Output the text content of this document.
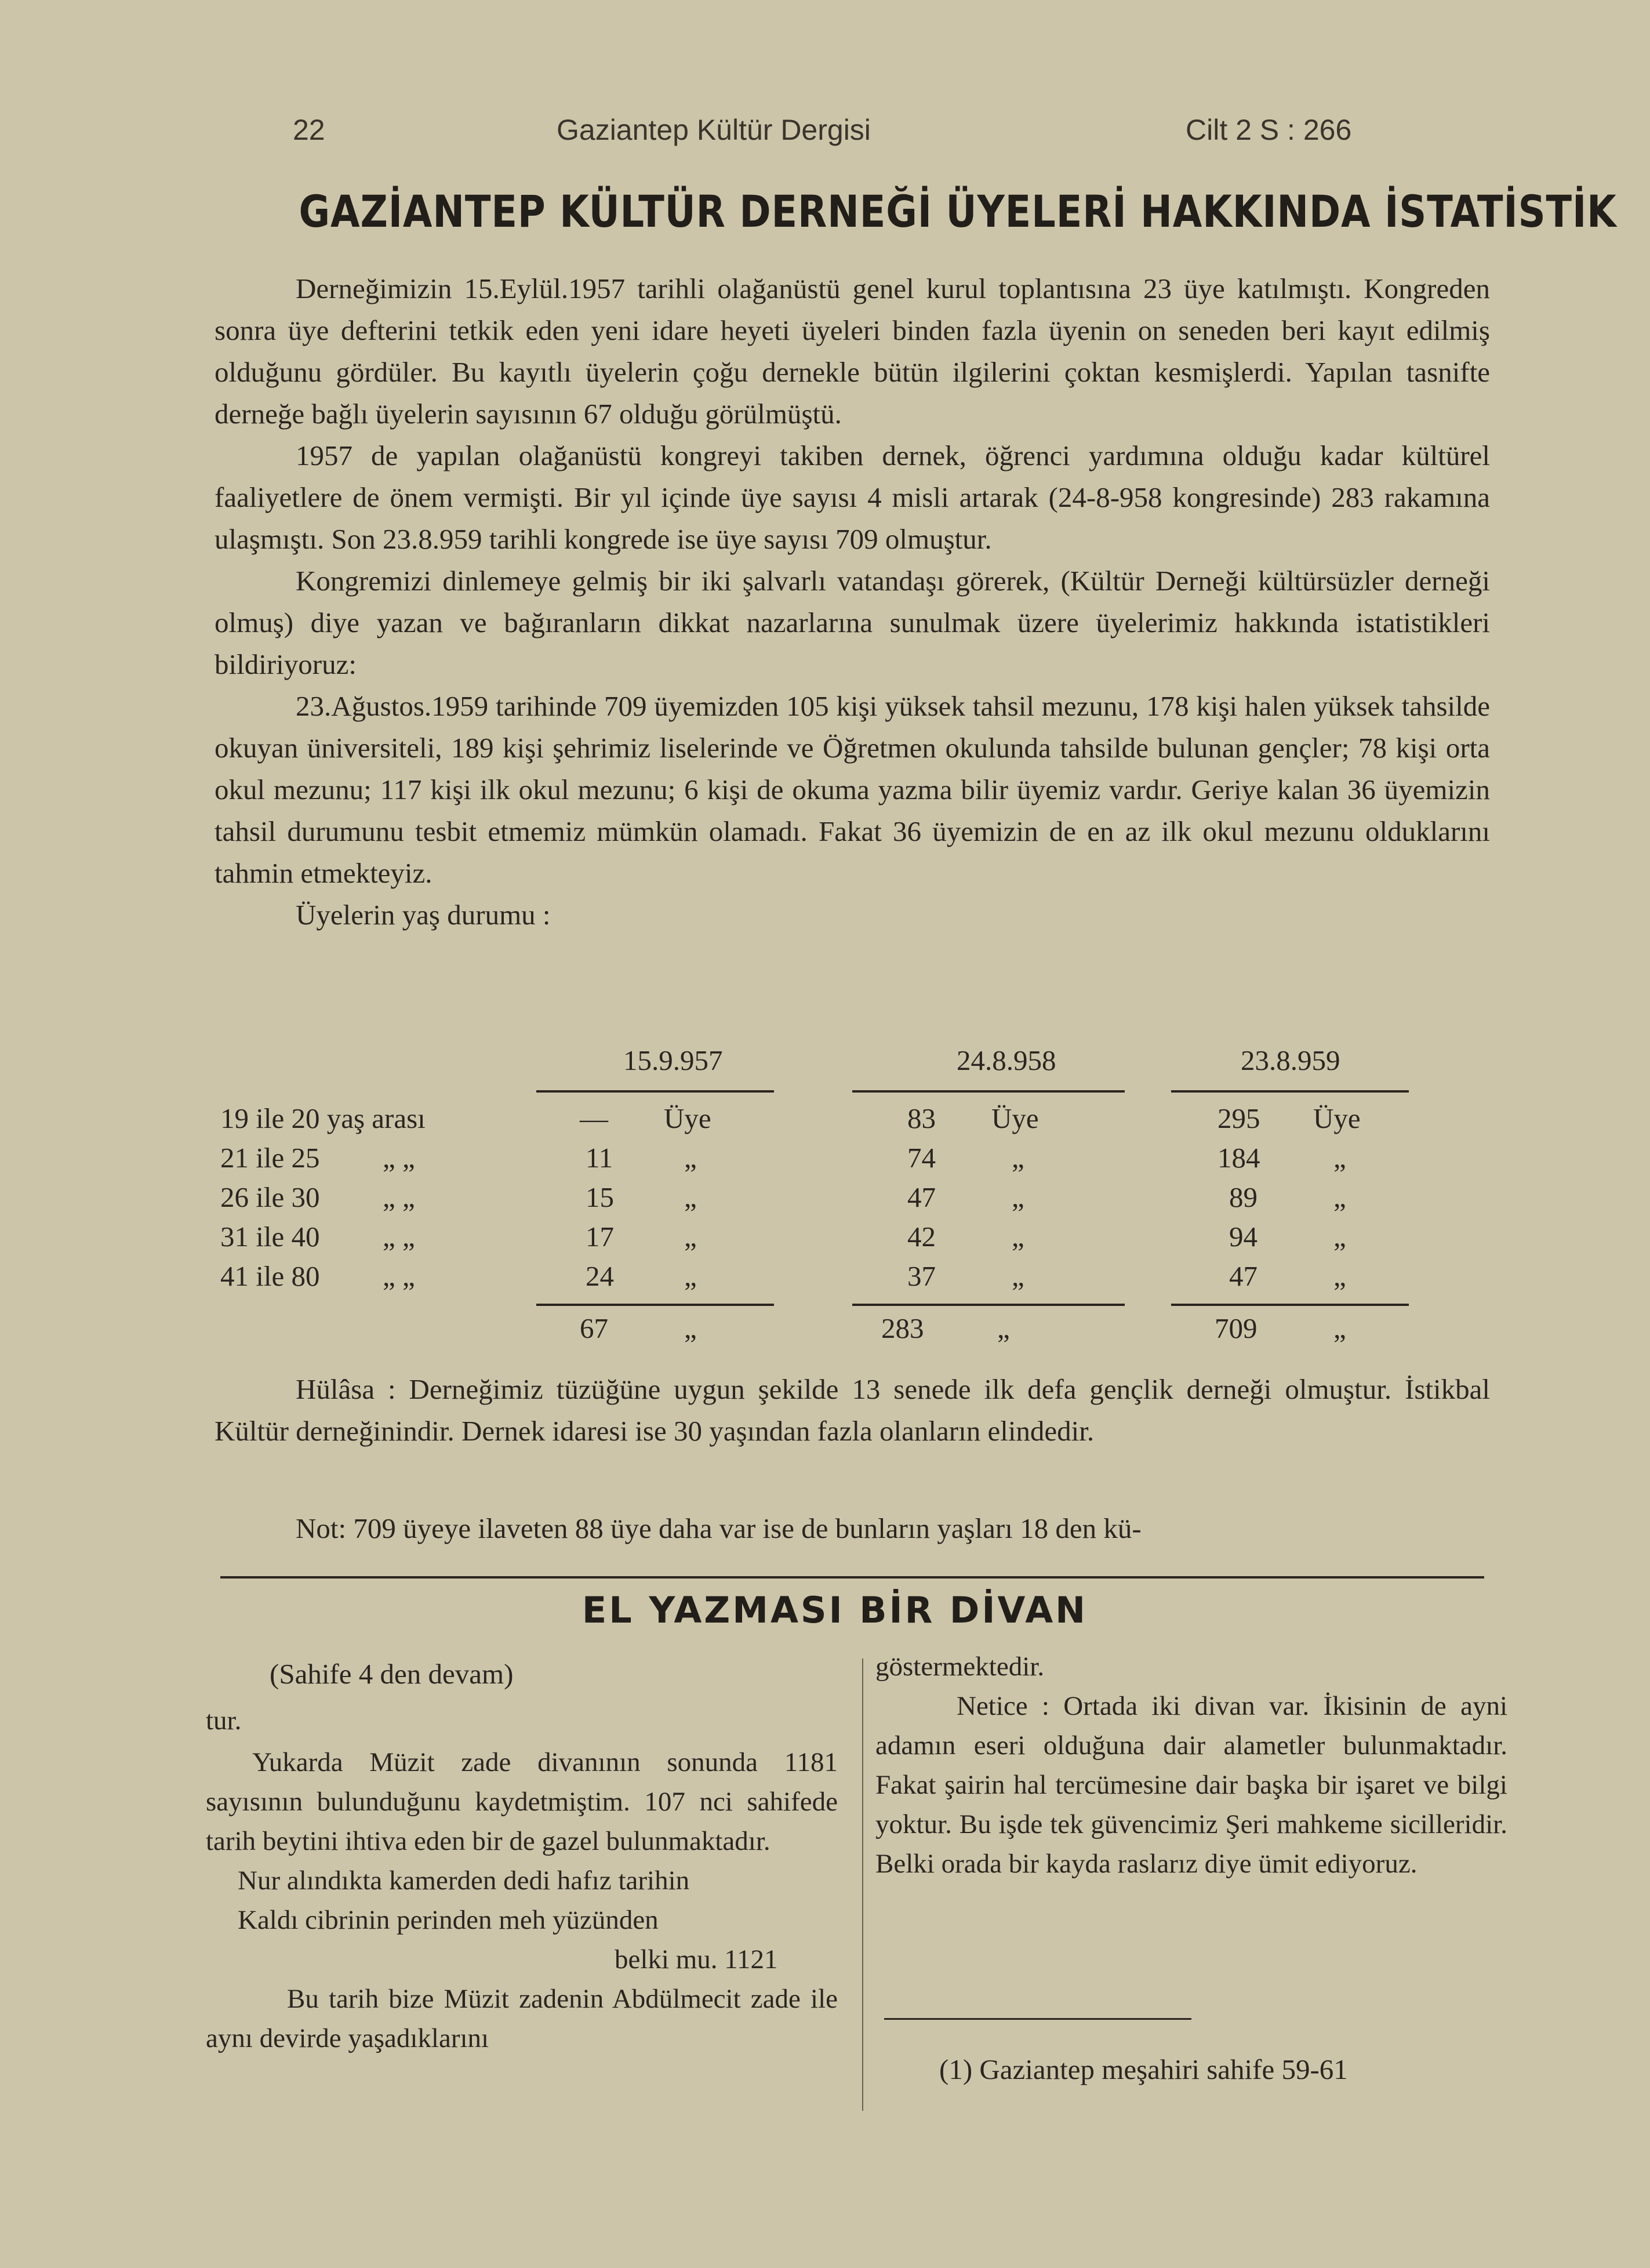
22	Gaziantep Kültür Dergisi	Cilt 2 S : 266
GAZİANTEP KÜLTÜR DERNEĞİ ÜYELERİ HAKKINDA İSTATİSTİK

Derneğimizin 15.Eylül.1957 tarihli olağanüstü genel kurul toplantısına 23 üye katılmıştı. Kongreden sonra üye defterini tetkik eden yeni idare heyeti üyeleri binden fazla üyenin on seneden beri kayıt edilmiş olduğunu gördüler. Bu kayıtlı üyelerin çoğu dernekle bütün ilgilerini çoktan kesmişlerdi. Yapılan tasnifte derneğe bağlı üyelerin sayısının 67 olduğu görülmüştü.

1957 de yapılan olağanüstü kongreyi takiben dernek, öğrenci yardımına olduğu kadar kültürel faaliyetlere de önem vermişti. Bir yıl içinde üye sayısı 4 misli artarak (24-8-958 kongresinde) 283 rakamına ulaşmıştı. Son 23.8.959 tarihli kongrede ise üye sayısı 709 olmuştur.

Kongremizi dinlemeye gelmiş bir iki şalvarlı vatandaşı görerek, (Kültür Derneği kültürsüzler derneği olmuş) diye yazan ve bağıranların dikkat nazarlarına sunulmak üzere üyelerimiz hakkında istatistikleri bildiriyoruz:

23.Ağustos.1959 tarihinde 709 üyemizden 105 kişi yüksek tahsil mezunu, 178 kişi halen yüksek tahsilde okuyan üniversiteli, 189 kişi şehrimiz liselerinde ve Öğretmen okulunda tahsilde bulunan gençler; 78 kişi orta okul mezunu; 117 kişi ilk okul mezunu; 6 kişi de okuma yazma bilir üyemiz vardır. Geriye kalan 36 üyemizin tahsil durumunu tesbit etmemiz mümkün olamadı. Fakat 36 üyemizin de en az ilk okul mezunu olduklarını tahmin etmekteyiz.

Üyelerin yaş durumu :

15.9.957	24.8.958	23.8.959
19 ile 20 yaş arası	— Üye	83 Üye	295 Üye
21 ile 25 „ „	11	„	74	„	184	„
26 ile 30 „ „	15 „	47	„	89	„
31 ile 40 „ „	17 „	42	„	94	„
41 ile 80 „ „	24 „	37	„	47	„
67	„	283	„	709	„

Hülâsa : Derneğimiz tüzüğüne uygun şekilde 13 senede ilk defa gençlik derneği olmuştur. İstikbal Kültür derneğinindir. Dernek idaresi ise 30 yaşından fazla olanların elindedir.

Not: 709 üyeye ilaveten 88 üye daha var ise de bunların yaşları 18 den kü-

EL YAZMASI BİR DİVAN
(Sahife 4 den devam)
tur.

Yukarda Müzit zade divanının sonunda 1181 sayısının bulunduğunu kaydetmiştim. 107 nci sahifede tarih beytini ihtiva eden bir de gazel bulunmaktadır.

Nur alındıkta kamerden dedi hafız tarihin
Kaldı cibrinin perinden meh yüzünden
belki mu. 1121

Bu tarih bize Müzit zadenin Abdülmecit zade ile aynı devirde yaşadıklarını

göstermektedir.

Netice : Ortada iki divan var. İkisinin de ayni adamın eseri olduğuna dair alametler bulunmaktadır. Fakat şairin hal tercümesine dair başka bir işaret ve bilgi yoktur. Bu işde tek güvencimiz Şeri mahkeme sicilleridir. Belki orada bir kayda raslarız diye ümit ediyoruz.

(1) Gaziantep meşahiri sahife 59-61
